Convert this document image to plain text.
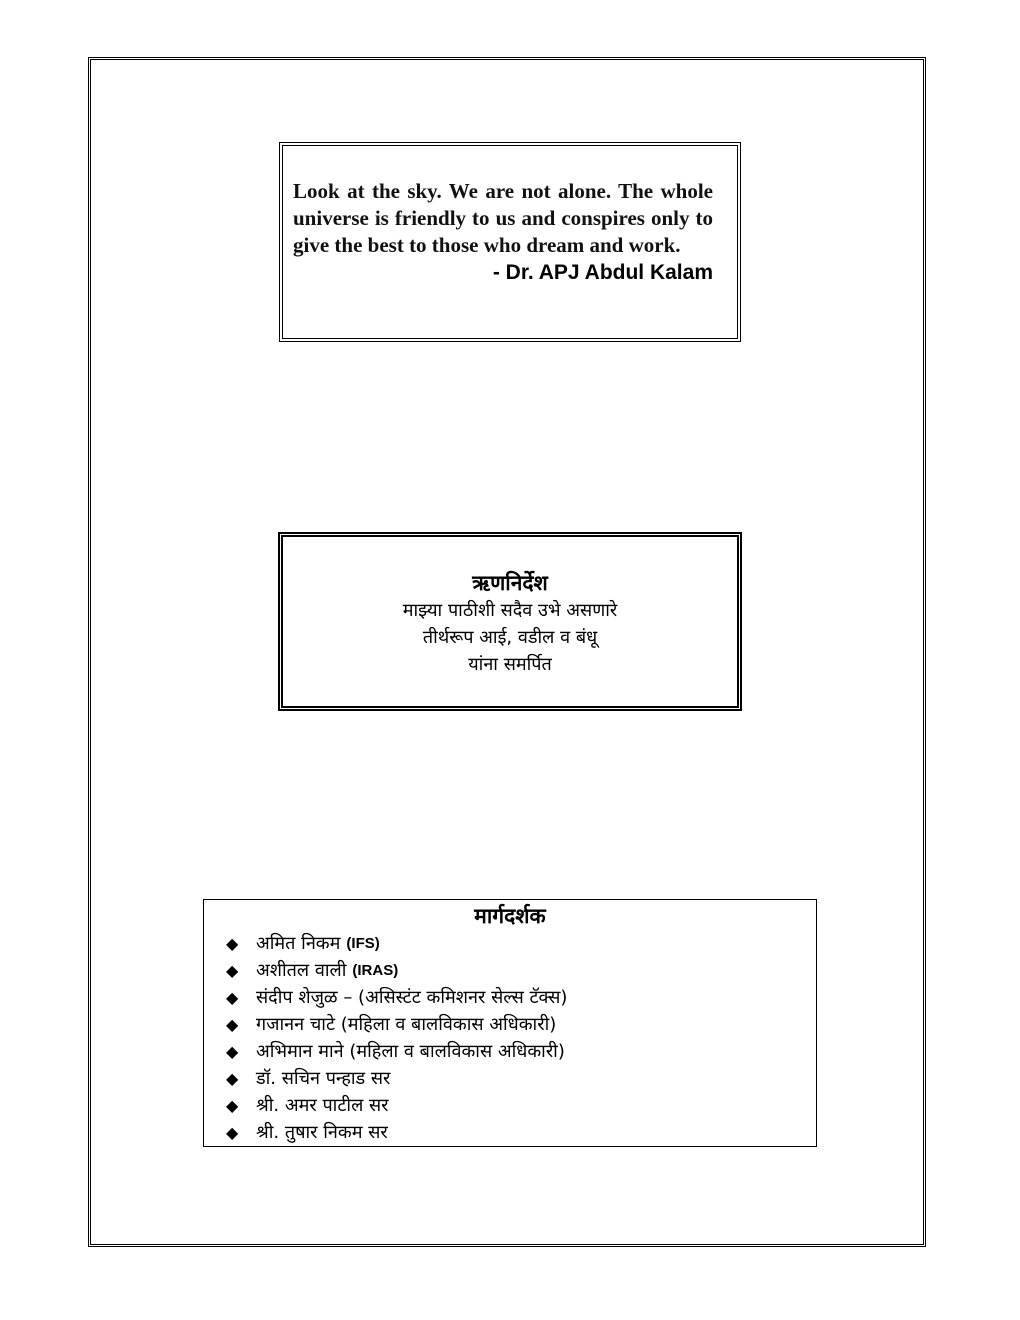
Look at the sky. We are not alone. The whole universe is friendly to us and conspires only to give the best to those who dream and work.

- Dr. APJ Abdul Kalam

ऋणनिर्देश

माझ्या पाठीशी सदैव उभे असणारे

तीर्थरूप आई, वडील व बंधू

यांना समर्पित

मार्गदर्शक

◆ अमित निकम (IFS)
◆ अशीतल वाली (IRAS)
◆ संदीप शेजुळ – (असिस्टंट कमिशनर सेल्स टॅक्स)
◆ गजानन चाटे (महिला व बालविकास अधिकारी)
◆ अभिमान माने (महिला व बालविकास अधिकारी)
◆ डॉ. सचिन पन्हाड सर
◆ श्री. अमर पाटील सर
◆ श्री. तुषार निकम सर
